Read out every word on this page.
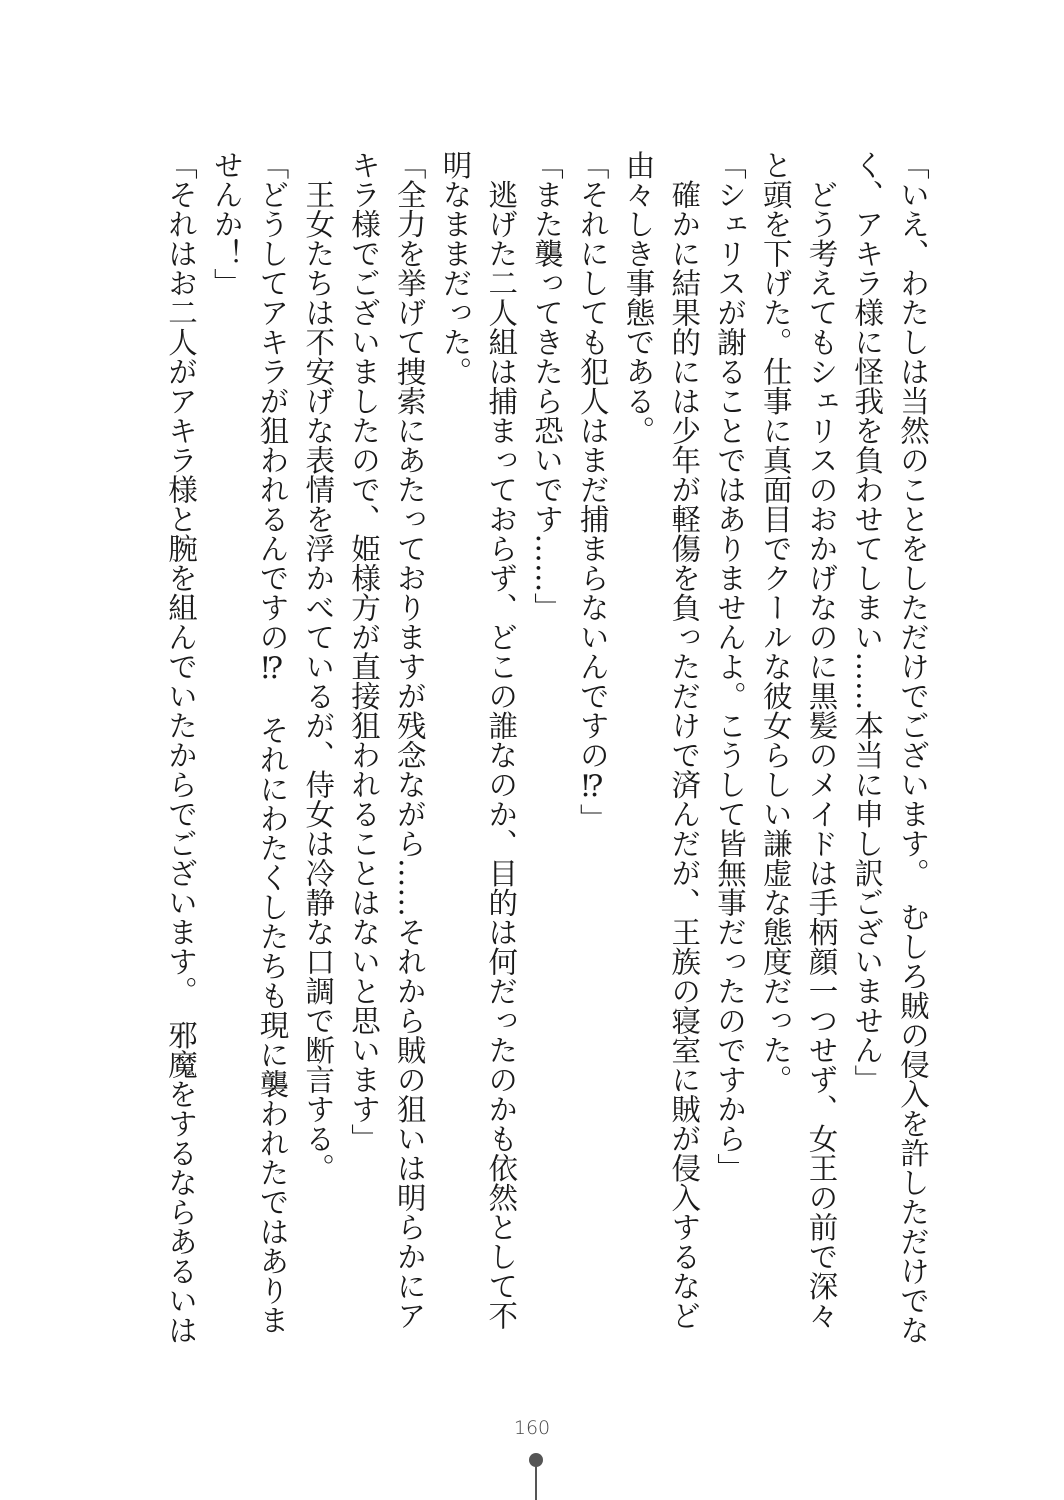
「いえ、わたしは当然のことをしただけでございます。　むしろ賊の侵入を許しただけでな
く、アキラ様に怪我を負わせてしまい……本当に申し訳ございません」
　どう考えてもシェリスのおかげなのに黒髪のメイドは手柄顔一つせず、女王の前で深々
と頭を下げた。仕事に真面目でクールな彼女らしい謙虚な態度だった。
「シェリスが謝ることではありませんよ。こうして皆無事だったのですから」
　確かに結果的には少年が軽傷を負っただけで済んだが、王族の寝室に賊が侵入するなど
由々しき事態である。
「それにしても犯人はまだ捕まらないんですの⁉」
「また襲ってきたら恐いです……」
　逃げた二人組は捕まっておらず、どこの誰なのか、目的は何だったのかも依然として不
明なままだった。
「全力を挙げて捜索にあたっておりますが残念ながら……それから賊の狙いは明らかにア
キラ様でございましたので、姫様方が直接狙われることはないと思います」
　王女たちは不安げな表情を浮かべているが、侍女は冷静な口調で断言する。
「どうしてアキラが狙われるんですの⁉　それにわたくしたちも現に襲われたではありま
せんか！」
「それはお二人がアキラ様と腕を組んでいたからでございます。　邪魔をするならあるいは
160
